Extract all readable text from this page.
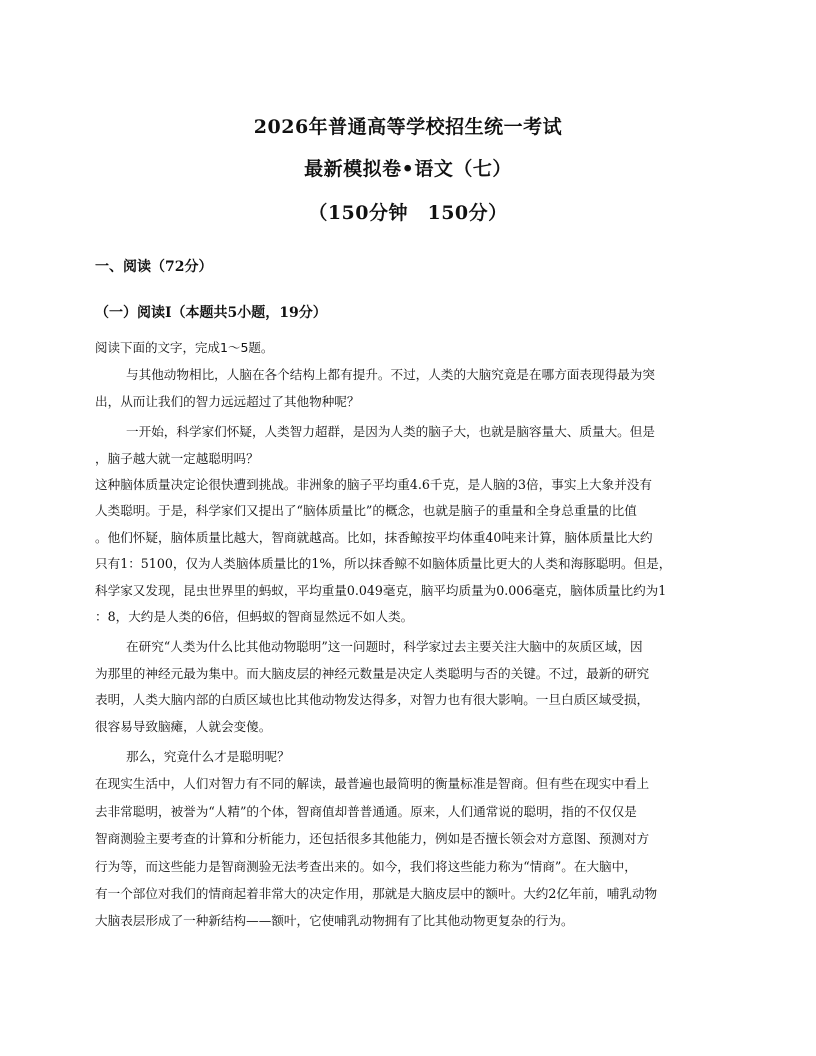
2026年普通高等学校招生统一考试
最新模拟卷•语文（七）
（150分钟　150分）
一、阅读（72分）
（一）阅读Ⅰ（本题共5小题，19分）
阅读下面的文字，完成1～5题。
与其他动物相比，人脑在各个结构上都有提升。不过，人类的大脑究竟是在哪方面表现得最为突
出，从而让我们的智力远远超过了其他物种呢？
一开始，科学家们怀疑，人类智力超群，是因为人类的脑子大，也就是脑容量大、质量大。但是
，脑子越大就一定越聪明吗？
这种脑体质量决定论很快遭到挑战。非洲象的脑子平均重4.6千克，是人脑的3倍，事实上大象并没有
人类聪明。于是，科学家们又提出了“脑体质量比”的概念，也就是脑子的重量和全身总重量的比值
。他们怀疑，脑体质量比越大，智商就越高。比如，抹香鲸按平均体重40吨来计算，脑体质量比大约
只有1：5100，仅为人类脑体质量比的1%，所以抹香鲸不如脑体质量比更大的人类和海豚聪明。但是，
科学家又发现，昆虫世界里的蚂蚁，平均重量0.049毫克，脑平均质量为0.006毫克，脑体质量比约为1
：8，大约是人类的6倍，但蚂蚁的智商显然远不如人类。
在研究“人类为什么比其他动物聪明”这一问题时，科学家过去主要关注大脑中的灰质区域，因
为那里的神经元最为集中。而大脑皮层的神经元数量是决定人类聪明与否的关键。不过，最新的研究
表明，人类大脑内部的白质区域也比其他动物发达得多，对智力也有很大影响。一旦白质区域受损，
很容易导致脑瘫，人就会变傻。
那么，究竟什么才是聪明呢？
在现实生活中，人们对智力有不同的解读，最普遍也最简明的衡量标准是智商。但有些在现实中看上
去非常聪明，被誉为“人精”的个体，智商值却普普通通。原来，人们通常说的聪明，指的不仅仅是
智商测验主要考查的计算和分析能力，还包括很多其他能力，例如是否擅长领会对方意图、预测对方
行为等，而这些能力是智商测验无法考查出来的。如今，我们将这些能力称为“情商”。在大脑中，
有一个部位对我们的情商起着非常大的决定作用，那就是大脑皮层中的额叶。大约2亿年前，哺乳动物
大脑表层形成了一种新结构——额叶，它使哺乳动物拥有了比其他动物更复杂的行为。
